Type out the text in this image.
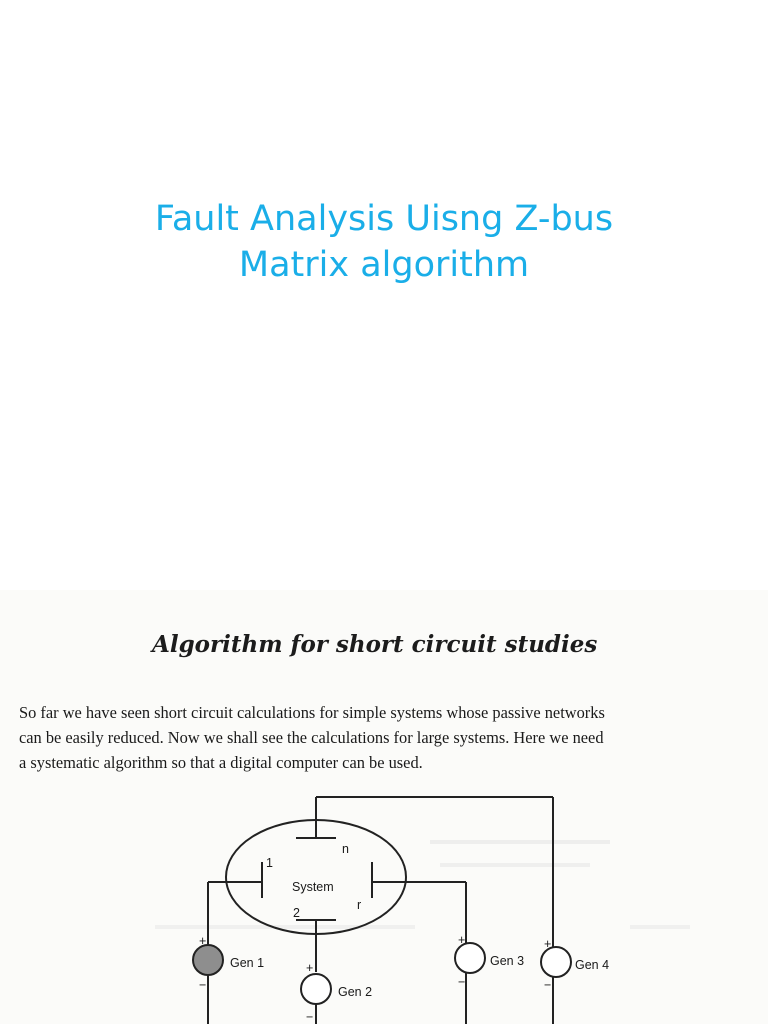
Fault Analysis Uisng Z-bus
Matrix algorithm
Algorithm for short circuit studies

So far we have seen short circuit calculations for simple systems whose passive networks
can be easily reduced. Now we shall see the calculations for large systems. Here we need
a systematic algorithm so that a digital computer can be used.

System
n
1
2
r
Gen 1
+
−	Gen 2
+
−
Gen 3
+
−
Gen 4
+
−
